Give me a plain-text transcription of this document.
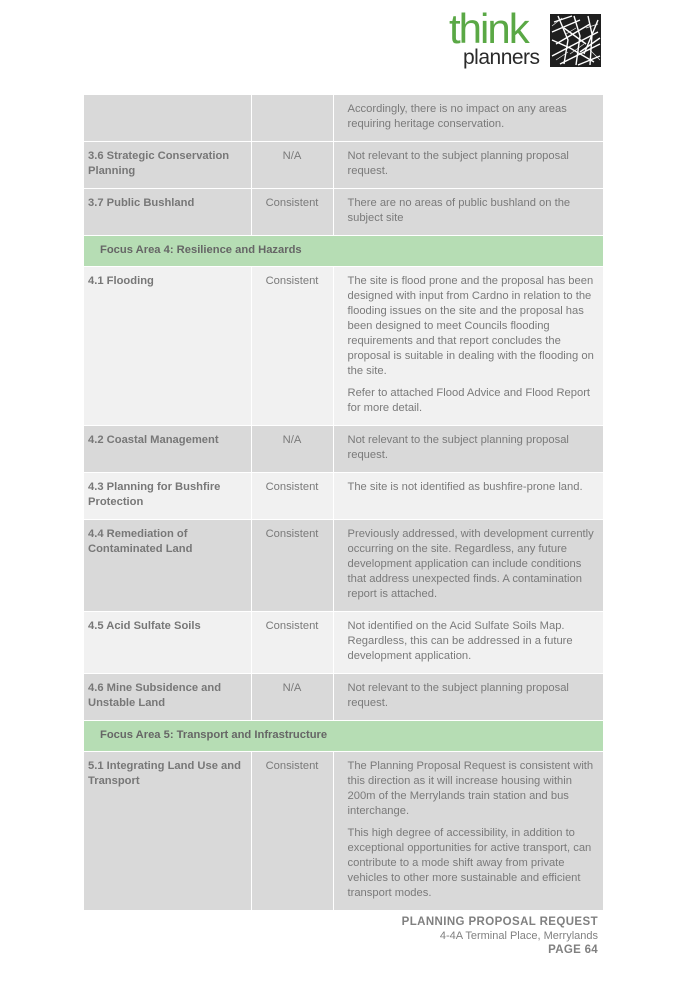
think
planners

		Accordingly, there is no impact on any areas requiring heritage conservation.

3.6 Strategic Conservation Planning	N/A	Not relevant to the subject planning proposal request.

3.7 Public Bushland	Consistent	There are no areas of public bushland on the subject site

Focus Area 4: Resilience and Hazards		
4.1 Flooding	Consistent	The site is flood prone and the proposal has been designed with input from Cardno in relation to the flooding issues on the site and the proposal has been designed to meet Councils flooding requirements and that report concludes the proposal is suitable in dealing with the flooding on the site.

Refer to attached Flood Advice and Flood Report for more detail.

4.2 Coastal Management	N/A	Not relevant to the subject planning proposal request.

4.3 Planning for Bushfire Protection	Consistent	The site is not identified as bushfire-prone land.

4.4 Remediation of Contaminated Land	Consistent	Previously addressed, with development currently occurring on the site. Regardless, any future development application can include conditions that address unexpected finds. A contamination report is attached.

4.5 Acid Sulfate Soils	Consistent	Not identified on the Acid Sulfate Soils Map. Regardless, this can be addressed in a future development application.

4.6 Mine Subsidence and Unstable Land	N/A	Not relevant to the subject planning proposal request.

Focus Area 5: Transport and Infrastructure		
5.1 Integrating Land Use and Transport	Consistent	The Planning Proposal Request is consistent with this direction as it will increase housing within 200m of the Merrylands train station and bus interchange.

This high degree of accessibility, in addition to exceptional opportunities for active transport, can contribute to a mode shift away from private vehicles to other more sustainable and efficient transport modes.

PLANNING PROPOSAL REQUEST
4-4A Terminal Place, Merrylands
PAGE 64
